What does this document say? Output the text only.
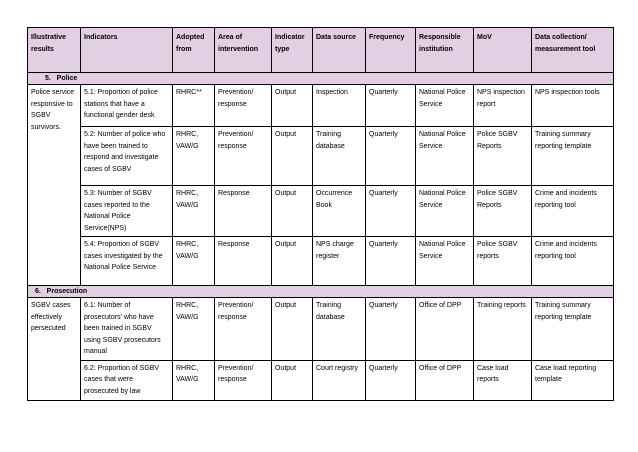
Illustrative results	Indicators	Adopted from	Area of intervention	Indicator type	Data source	Frequency	Responsible institution	MoV	Data collection/ measurement tool
5.   Police									
Police service responsive to SGBV survivors.	5.1: Proportion of police stations that have a functional gender desk	RHRC**	Prevention/ response	Output	Inspection	Quarterly	National Police Service	NPS inspection report	NPS inspection tools
	5.2: Number of police who have been trained to respond and investigate cases of SGBV	RHRC, VAW/G	Prevention/ response	Output	Training database	Quarterly	National Police Service	Police SGBV Reports	Training summary reporting template
	5.3: Number of SGBV cases reported to the National Police Service(NPS)	RHRC, VAW/G	Response	Output	Occurrence Book	Quarterly	National Police Service	Police SGBV Reports	Crime and incidents reporting tool
	5.4: Proportion of SGBV cases investigated by the National Police Service	RHRC, VAW/G	Response	Output	NPS charge register	Quarterly	National Police Service	Police SGBV reports	Crime and incidents reporting tool
6.   Prosecution									
SGBV cases effectively persecuted	6.1: Number of prosecutors' who have been trained in SGBV using SGBV prosecutors manual	RHRC, VAW/G	Prevention/ response	Output	Training database	Quarterly	Office of DPP	Training reports	Training summary reporting template
	6.2: Proportion of SGBV cases that were prosecuted by law	RHRC, VAW/G	Prevention/ response	Output	Court registry	Quarterly	Office of DPP	Case load reports	Case load reporting template
